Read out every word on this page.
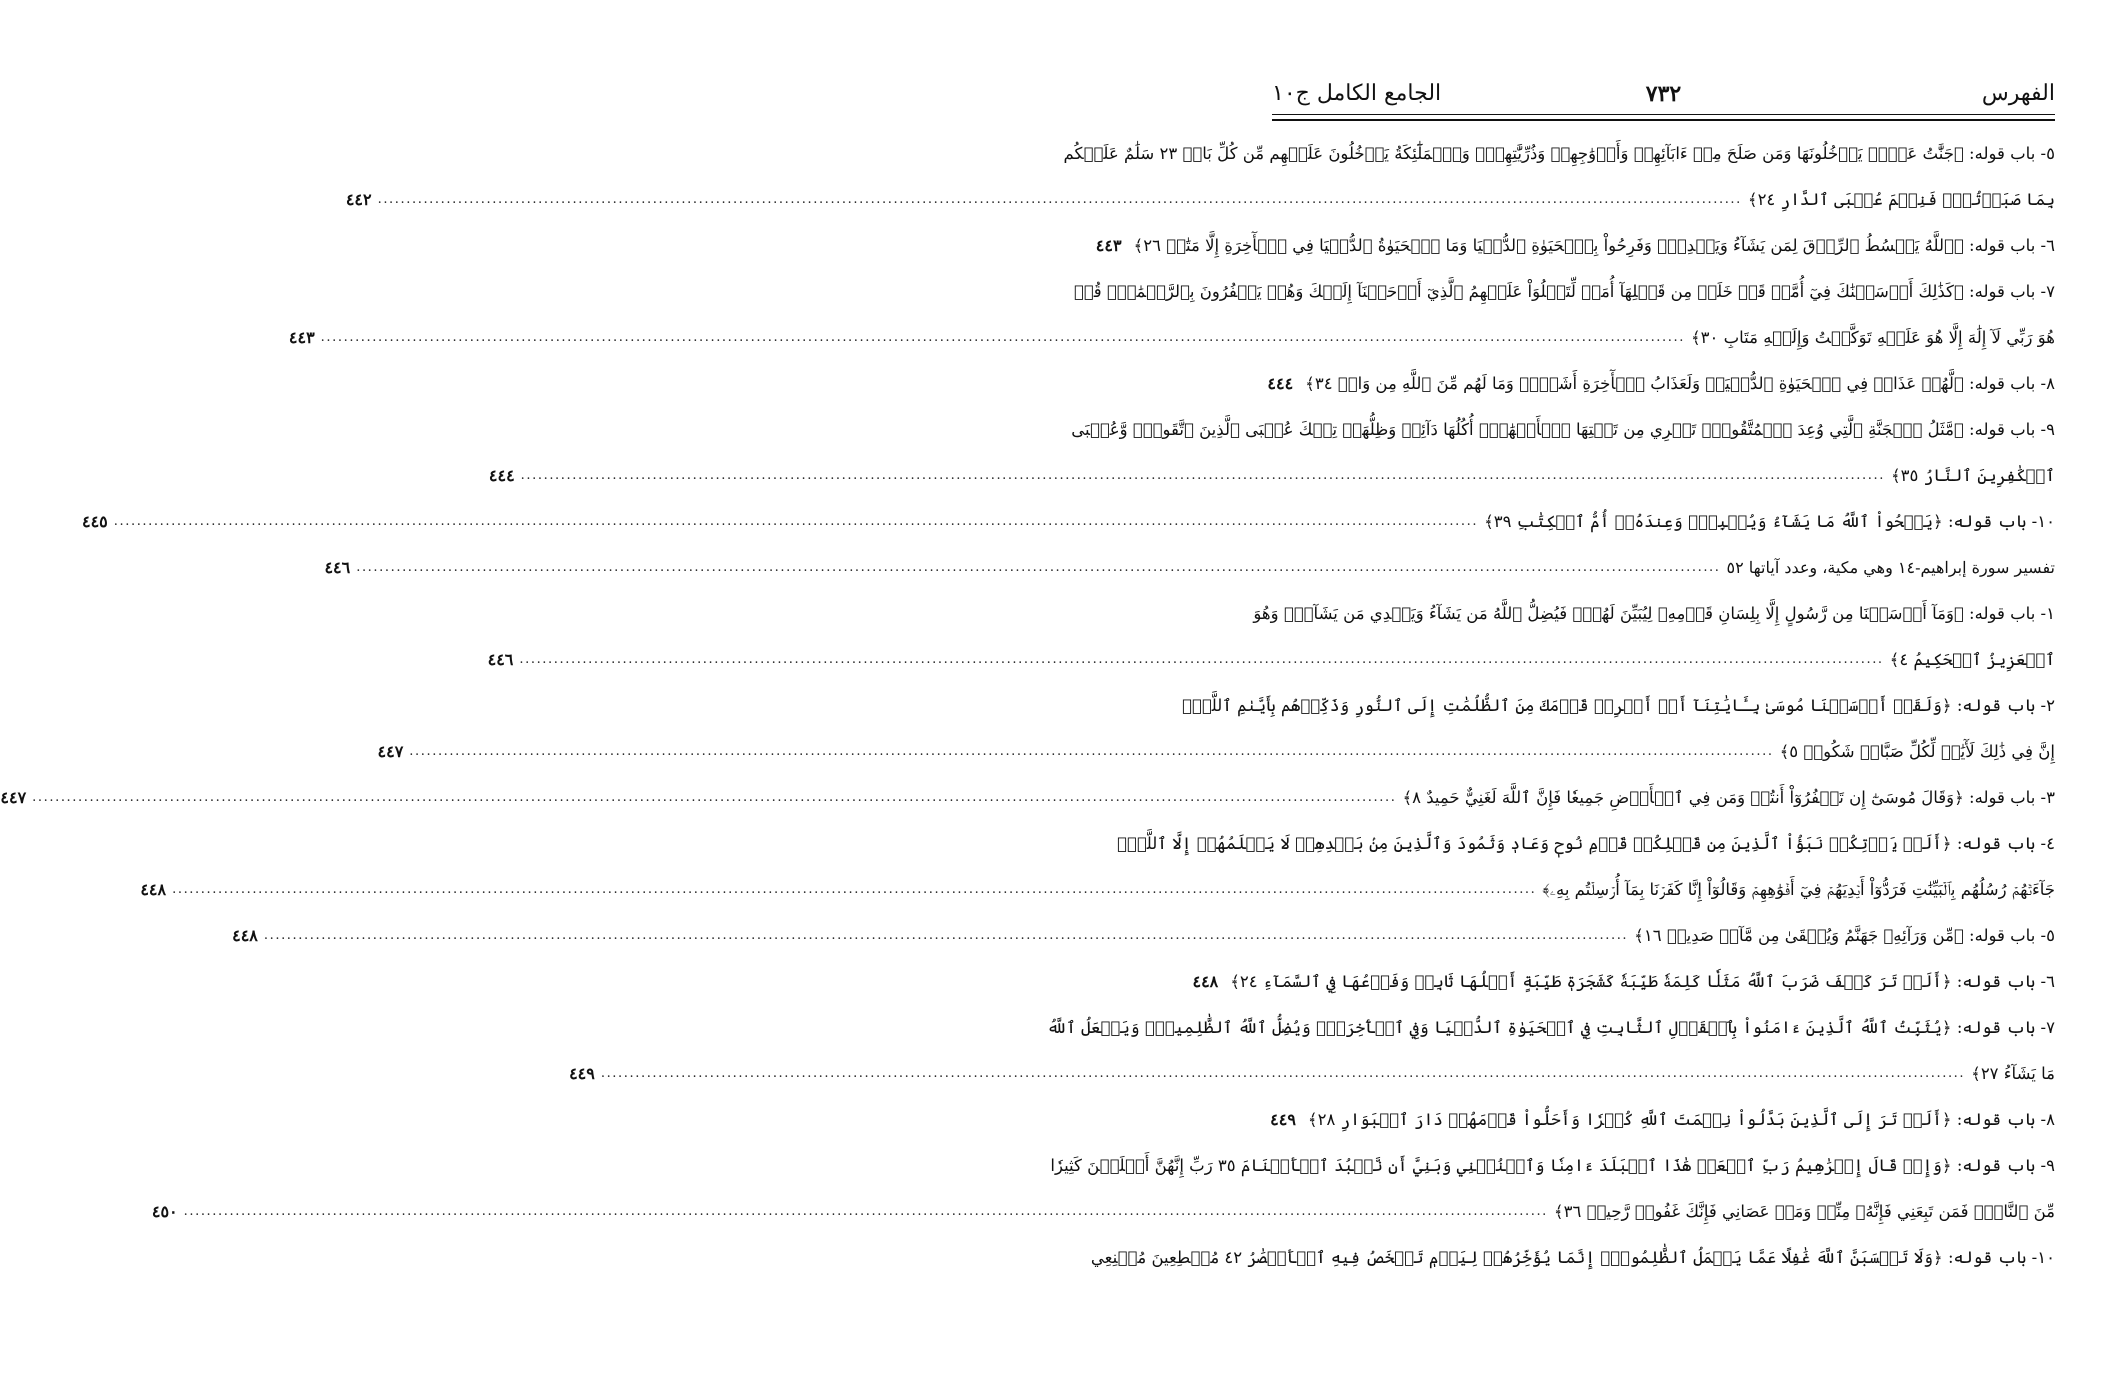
الفهرس
٧٣٢
الجامع الكامل ج١٠
٥- باب قوله: ﴿جَنَّٰتُ عَدۡنٖ يَدۡخُلُونَهَا وَمَن صَلَحَ مِنۡ ءَابَآئِهِمۡ وَأَزۡوَٰجِهِمۡ وَذُرِّيَّٰتِهِمۡۖ وَٱلۡمَلَٰٓئِكَةُ يَدۡخُلُونَ عَلَيۡهِم مِّن كُلِّ بَابٖ ٢٣ سَلَٰمٌ عَلَيۡكُم
بِمَا صَبَرۡتُمۡۚ فَنِعۡمَ عُقۡبَى ٱلدَّارِ ٢٤﴾
..............................................................................................................................................................................................................................................
٤٤٢
٦- باب قوله: ﴿ٱللَّهُ يَبۡسُطُ ٱلرِّزۡقَ لِمَن يَشَآءُ وَيَقۡدِرُۚ وَفَرِحُواْ بِٱلۡحَيَوٰةِ ٱلدُّنۡيَا وَمَا ٱلۡحَيَوٰةُ ٱلدُّنۡيَا فِي ٱلۡأٓخِرَةِ إِلَّا مَتَٰعٞ ٢٦﴾
٤٤٣
٧- باب قوله: ﴿كَذَٰلِكَ أَرۡسَلۡنَٰكَ فِيٓ أُمَّةٖ قَدۡ خَلَتۡ مِن قَبۡلِهَآ أُمَمٞ لِّتَتۡلُوَاْ عَلَيۡهِمُ ٱلَّذِيٓ أَوۡحَيۡنَآ إِلَيۡكَ وَهُمۡ يَكۡفُرُونَ بِٱلرَّحۡمَٰنِۚ قُلۡ
هُوَ رَبِّي لَآ إِلَٰهَ إِلَّا هُوَ عَلَيۡهِ تَوَكَّلۡتُ وَإِلَيۡهِ مَتَابِ ٣٠﴾
..............................................................................................................................................................................................................................................
٤٤٣
٨- باب قوله: ﴿لَّهُمۡ عَذَابٞ فِي ٱلۡحَيَوٰةِ ٱلدُّنۡيَاۖ وَلَعَذَابُ ٱلۡأٓخِرَةِ أَشَقُّۖ وَمَا لَهُم مِّنَ ٱللَّهِ مِن وَاقٖ ٣٤﴾
٤٤٤
٩- باب قوله: ﴿مَّثَلُ ٱلۡجَنَّةِ ٱلَّتِي وُعِدَ ٱلۡمُتَّقُونَۖ تَجۡرِي مِن تَحۡتِهَا ٱلۡأَنۡهَٰرُۖ أُكُلُهَا دَآئِمٞ وَظِلُّهَاۚ تِلۡكَ عُقۡبَى ٱلَّذِينَ ٱتَّقَواْۖ وَّعُقۡبَى
ٱلۡكَٰفِرِينَ ٱلنَّارُ ٣٥﴾
..............................................................................................................................................................................................................................................
٤٤٤
١٠- باب قوله: ﴿يَمۡحُواْ ٱللَّهُ مَا يَشَآءُ وَيُثۡبِتُۖ وَعِندَهُۥٓ أُمُّ ٱلۡكِتَٰبِ ٣٩﴾
..............................................................................................................................................................................................................................................
٤٤٥
تفسير سورة إبراهيم-١٤ وهي مكية، وعدد آياتها ٥٢
..............................................................................................................................................................................................................................................
٤٤٦
١- باب قوله: ﴿وَمَآ أَرۡسَلۡنَا مِن رَّسُولٍ إِلَّا بِلِسَانِ قَوۡمِهِۦ لِيُبَيِّنَ لَهُمۡۖ فَيُضِلُّ ٱللَّهُ مَن يَشَآءُ وَيَهۡدِي مَن يَشَآءُۚ وَهُوَ
ٱلۡعَزِيزُ ٱلۡحَكِيمُ ٤﴾
..............................................................................................................................................................................................................................................
٤٤٦
٢- باب قوله: ﴿وَلَقَدۡ أَرۡسَلۡنَا مُوسَىٰ بِـَٔايَٰتِنَآ أَنۡ أَخۡرِجۡ قَوۡمَكَ مِنَ ٱلظُّلُمَٰتِ إِلَى ٱلنُّورِ وَذَكِّرۡهُم بِأَيَّىٰمِ ٱللَّهِۚ
إِنَّ فِي ذَٰلِكَ لَأٓيَٰتٖ لِّكُلِّ صَبَّارٖ شَكُورٖ ٥﴾
..............................................................................................................................................................................................................................................
٤٤٧
٣- باب قوله: ﴿وَقَالَ مُوسَىٰٓ إِن تَكۡفُرُوٓاْ أَنتُمۡ وَمَن فِي ٱلۡأَرۡضِ جَمِيعٗا فَإِنَّ ٱللَّهَ لَغَنِيٌّ حَمِيدٌ ٨﴾
..............................................................................................................................................................................................................................................
٤٤٧
٤- باب قوله: ﴿أَلَمۡ يَأۡتِكُمۡ نَبَؤُاْ ٱلَّذِينَ مِن قَبۡلِكُمۡ قَوۡمِ نُوحٖ وَعَادٖ وَثَمُودَ وَٱلَّذِينَ مِنۢ بَعۡدِهِمۡ لَا يَعۡلَمُهُمۡ إِلَّا ٱللَّهُۚ
جَآءَتۡهُمۡ رُسُلُهُم بِٱلۡبَيِّنَٰتِ فَرَدُّوٓاْ أَيۡدِيَهُمۡ فِيٓ أَفۡوَٰهِهِمۡ وَقَالُوٓاْ إِنَّا كَفَرۡنَا بِمَآ أُرۡسِلۡتُم بِهِۦ﴾
..............................................................................................................................................................................................................................................
٤٤٨
٥- باب قوله: ﴿مِّن وَرَآئِهِۦ جَهَنَّمُ وَيُسۡقَىٰ مِن مَّآءٖ صَدِيدٖ ١٦﴾
..............................................................................................................................................................................................................................................
٤٤٨
٦- باب قوله: ﴿أَلَمۡ تَرَ كَيۡفَ ضَرَبَ ٱللَّهُ مَثَلٗا كَلِمَةٗ طَيِّبَةٗ كَشَجَرَةٖ طَيِّبَةٍ أَصۡلُهَا ثَابِتٞ وَفَرۡعُهَا فِي ٱلسَّمَآءِ ٢٤﴾
٤٤٨
٧- باب قوله: ﴿يُثَبِّتُ ٱللَّهُ ٱلَّذِينَ ءَامَنُواْ بِٱلۡقَوۡلِ ٱلثَّابِتِ فِي ٱلۡحَيَوٰةِ ٱلدُّنۡيَا وَفِي ٱلۡأٓخِرَةِۖ وَيُضِلُّ ٱللَّهُ ٱلظَّٰلِمِينَۚ وَيَفۡعَلُ ٱللَّهُ
مَا يَشَآءُ ٢٧﴾
..............................................................................................................................................................................................................................................
٤٤٩
٨- باب قوله: ﴿أَلَمۡ تَرَ إِلَى ٱلَّذِينَ بَدَّلُواْ نِعۡمَتَ ٱللَّهِ كُفۡرٗا وَأَحَلُّواْ قَوۡمَهُمۡ دَارَ ٱلۡبَوَارِ ٢٨﴾
٤٤٩
٩- باب قوله: ﴿وَإِذۡ قَالَ إِبۡرَٰهِيمُ رَبِّ ٱجۡعَلۡ هَٰذَا ٱلۡبَلَدَ ءَامِنٗا وَٱجۡنُبۡنِي وَبَنِيَّ أَن نَّعۡبُدَ ٱلۡأَصۡنَامَ ٣٥ رَبِّ إِنَّهُنَّ أَضۡلَلۡنَ كَثِيرٗا
مِّنَ ٱلنَّاسِۖ فَمَن تَبِعَنِي فَإِنَّهُۥ مِنِّيۖ وَمَنۡ عَصَانِي فَإِنَّكَ غَفُورٞ رَّحِيمٞ ٣٦﴾
..............................................................................................................................................................................................................................................
٤٥٠
١٠- باب قوله: ﴿وَلَا تَحۡسَبَنَّ ٱللَّهَ غَٰفِلًا عَمَّا يَعۡمَلُ ٱلظَّٰلِمُونَۚ إِنَّمَا يُؤَخِّرُهُمۡ لِيَوۡمٖ تَشۡخَصُ فِيهِ ٱلۡأَبۡصَٰرُ ٤٢ مُهۡطِعِينَ مُقۡنِعِي
